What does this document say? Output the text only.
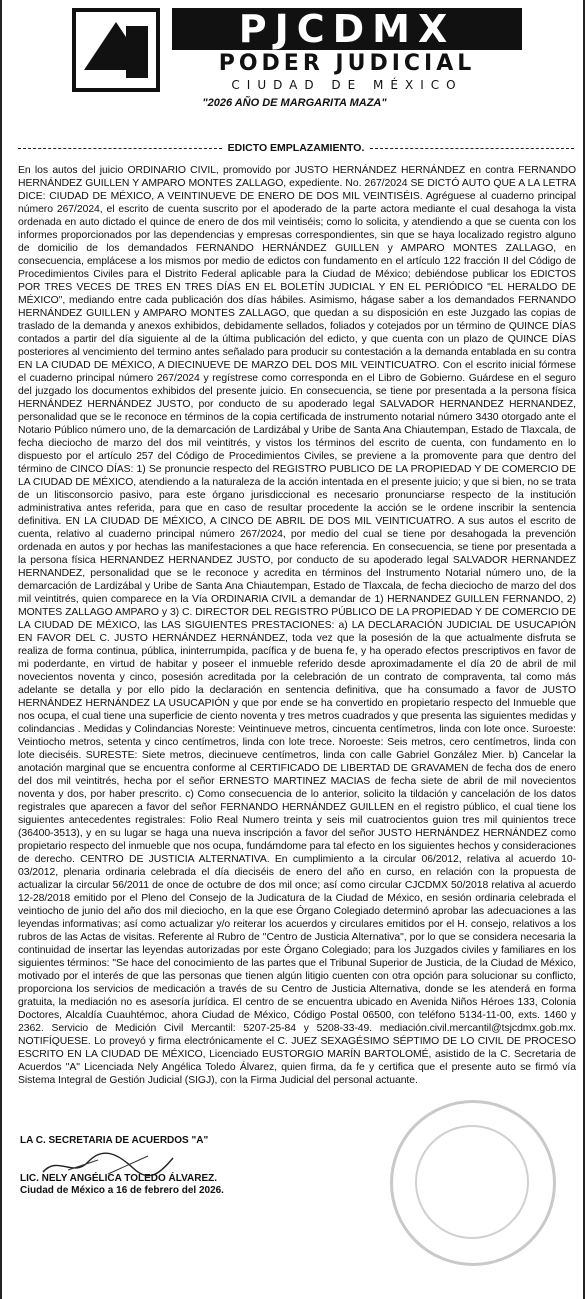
PJCDMX
PODER JUDICIAL
CIUDAD DE MÉXICO
"2026 AÑO DE MARGARITA MAZA"
EDICTO EMPLAZAMIENTO.

En los autos del juicio ORDINARIO CIVIL, promovido por JUSTO HERNÁNDEZ HERNÁNDEZ en contra FERNANDO HERNÁNDEZ GUILLEN Y AMPARO MONTES ZALLAGO, expediente. No. 267/2024 SE DICTÓ AUTO QUE A LA LETRA DICE: CIUDAD DE MÉXICO, A VEINTINUEVE DE ENERO DE DOS MIL VEINTISÉIS. Agréguese al cuaderno principal número 267/2024, el escrito de cuenta suscrito por el apoderado de la parte actora mediante el cual desahoga la vista ordenada en auto dictado el quince de enero de dos mil veintiséis; como lo solicita, y atendiendo a que se cuenta con los informes proporcionados por las dependencias y empresas correspondientes, sin que se haya localizado registro alguno de domicilio de los demandados FERNANDO HERNÁNDEZ GUILLEN y AMPARO MONTES ZALLAGO, en consecuencia, emplácese a los mismos por medio de edictos con fundamento en el artículo 122 fracción II del Código de Procedimientos Civiles para el Distrito Federal aplicable para la Ciudad de México; debiéndose publicar los EDICTOS POR TRES VECES DE TRES EN TRES DÍAS EN EL BOLETÍN JUDICIAL Y EN EL PERIÓDICO "EL HERALDO DE MÉXICO", mediando entre cada publicación dos días hábiles. Asimismo, hágase saber a los demandados FERNANDO HERNÁNDEZ GUILLEN y AMPARO MONTES ZALLAGO, que quedan a su disposición en este Juzgado las copias de traslado de la demanda y anexos exhibidos, debidamente sellados, foliados y cotejados por un término de QUINCE DÍAS contados a partir del día siguiente al de la última publicación del edicto, y que cuenta con un plazo de QUINCE DÍAS posteriores al vencimiento del termino antes señalado para producir su contestación a la demanda entablada en su contra EN LA CIUDAD DE MÉXICO, A DIECINUEVE DE MARZO DEL DOS MIL VEINTICUATRO. Con el escrito inicial fórmese el cuaderno principal número 267/2024 y regístrese como corresponda en el Libro de Gobierno. Guárdese en el seguro del juzgado los documentos exhibidos del presente juicio. En consecuencia, se tiene por presentada a la persona física HERNÁNDEZ HERNÁNDEZ JUSTO, por conducto de su apoderado legal SALVADOR HERNANDEZ HERNANDEZ, personalidad que se le reconoce en términos de la copia certificada de instrumento notarial número 3430 otorgado ante el Notario Público número uno, de la demarcación de Lardizábal y Uribe de Santa Ana Chiautempan, Estado de Tlaxcala, de fecha dieciocho de marzo del dos mil veintitrés, y vistos los términos del escrito de cuenta, con fundamento en lo dispuesto por el artículo 257 del Código de Procedimientos Civiles, se previene a la promovente para que dentro del término de CINCO DÍAS: 1) Se pronuncie respecto del REGISTRO PUBLICO DE LA PROPIEDAD Y DE COMERCIO DE LA CIUDAD DE MÉXICO, atendiendo a la naturaleza de la acción intentada en el presente juicio; y que si bien, no se trata de un litisconsorcio pasivo, para este órgano jurisdiccional es necesario pronunciarse respecto de la institución administrativa antes referida, para que en caso de resultar procedente la acción se le ordene inscribir la sentencia definitiva. EN LA CIUDAD DE MÉXICO, A CINCO DE ABRIL DE DOS MIL VEINTICUATRO. A sus autos el escrito de cuenta, relativo al cuaderno principal número 267/2024, por medio del cual se tiene por desahogada la prevención ordenada en autos y por hechas las manifestaciones a que hace referencia. En consecuencia, se tiene por presentada a la persona física HERNANDEZ HERNANDEZ JUSTO, por conducto de su apoderado legal SALVADOR HERNANDEZ HERNANDEZ, personalidad que se le reconoce y acredita en términos del Instrumento Notarial número uno, de la demarcación de Lardizábal y Uribe de Santa Ana Chiautempan, Estado de Tlaxcala, de fecha dieciocho de marzo del dos mil veintitrés, quien comparece en la Vía ORDINARIA CIVIL a demandar de 1) HERNANDEZ GUILLEN FERNANDO, 2) MONTES ZALLAGO AMPARO y 3) C. DIRECTOR DEL REGISTRO PÚBLICO DE LA PROPIEDAD Y DE COMERCIO DE LA CIUDAD DE MÉXICO, las LAS SIGUIENTES PRESTACIONES: a) LA DECLARACIÓN JUDICIAL DE USUCAPIÓN EN FAVOR DEL C. JUSTO HERNÁNDEZ HERNÁNDEZ, toda vez que la posesión de la que actualmente disfruta se realiza de forma continua, pública, ininterrumpida, pacífica y de buena fe, y ha operado efectos prescriptivos en favor de mi poderdante, en virtud de habitar y poseer el inmueble referido desde aproximadamente el día 20 de abril de mil novecientos noventa y cinco, posesión acreditada por la celebración de un contrato de compraventa, tal como más adelante se detalla y por ello pido la declaración en sentencia definitiva, que ha consumado a favor de JUSTO HERNÁNDEZ HERNÁNDEZ LA USUCAPIÓN y que por ende se ha convertido en propietario respecto del Inmueble que nos ocupa, el cual tiene una superficie de ciento noventa y tres metros cuadrados y que presenta las siguientes medidas y colindancias . Medidas y Colindancias Noreste: Veintinueve metros, cincuenta centímetros, linda con lote once. Suroeste: Veintiocho metros, setenta y cinco centímetros, linda con lote trece. Noroeste: Seis metros, cero centímetros, linda con lote dieciséis. SURESTE: Siete metros, diecinueve centímetros, linda con calle Gabriel González Mier. b) Cancelar la anotación marginal que se encuentra conforme al CERTIFICADO DE LIBERTAD DE GRAVAMEN de fecha dos de enero del dos mil veintitrés, hecha por el señor ERNESTO MARTINEZ MACIAS de fecha siete de abril de mil novecientos noventa y dos, por haber prescrito. c) Como consecuencia de lo anterior, solicito la tildación y cancelación de los datos registrales que aparecen a favor del señor FERNANDO HERNÁNDEZ GUILLEN en el registro público, el cual tiene los siguientes antecedentes registrales: Folio Real Numero treinta y seis mil cuatrocientos guion tres mil quinientos trece (36400-3513), y en su lugar se haga una nueva inscripción a favor del señor JUSTO HERNÁNDEZ HERNÁNDEZ como propietario respecto del inmueble que nos ocupa, fundámdome para tal efecto en los siguientes hechos y consideraciones de derecho. CENTRO DE JUSTICIA ALTERNATIVA. En cumplimiento a la circular 06/2012, relativa al acuerdo 10-03/2012, plenaria ordinaria celebrada el día dieciséis de enero del año en curso, en relación con la propuesta de actualizar la circular 56/2011 de once de octubre de dos mil once; así como circular CJCDMX 50/2018 relativa al acuerdo 12-28/2018 emitido por el Pleno del Consejo de la Judicatura de la Ciudad de México, en sesión ordinaria celebrada el veintiocho de junio del año dos mil dieciocho, en la que ese Órgano Colegiado determinó aprobar las adecuaciones a las leyendas informativas; así como actualizar y/o reiterar los acuerdos y circulares emitidos por el H. consejo, relativos a los rubros de las Actas de visitas. Referente al Rubro de "Centro de Justicia Alternativa", por lo que se considera necesaria la continuidad de insertar las leyendas autorizadas por este Órgano Colegiado; para los Juzgados civiles y familiares en los siguientes términos: "Se hace del conocimiento de las partes que el Tribunal Superior de Justicia, de la Ciudad de México, motivado por el interés de que las personas que tienen algún litigio cuenten con otra opción para solucionar su conflicto, proporciona los servicios de medicación a través de su Centro de Justicia Alternativa, donde se les atenderá en forma gratuita, la mediación no es asesoría jurídica. El centro de se encuentra ubicado en Avenida Niños Héroes 133, Colonia Doctores, Alcaldía Cuauhtémoc, ahora Ciudad de México, Código Postal 06500, con teléfono 5134-11-00, exts. 1460 y 2362. Servicio de Medición Civil Mercantil: 5207-25-84 y 5208-33-49. mediación.civil.mercantil@tsjcdmx.gob.mx. NOTIFÍQUESE. Lo proveyó y firma electrónicamente el C. JUEZ SEXAGÉSIMO SÉPTIMO DE LO CIVIL DE PROCESO ESCRITO EN LA CIUDAD DE MÉXICO, Licenciado EUSTORGIO MARÍN BARTOLOMÉ, asistido de la C. Secretaria de Acuerdos "A" Licenciada Nely Angélica Toledo Álvarez, quien firma, da fe y certifica que el presente auto se firmó vía Sistema Integral de Gestión Judicial (SIGJ), con la Firma Judicial del personal actuante.

LA C. SECRETARIA DE ACUERDOS "A"
LIC. NELY ANGÉLICA TOLEDO ÁLVAREZ.
Ciudad de México a 16 de febrero del 2026.
